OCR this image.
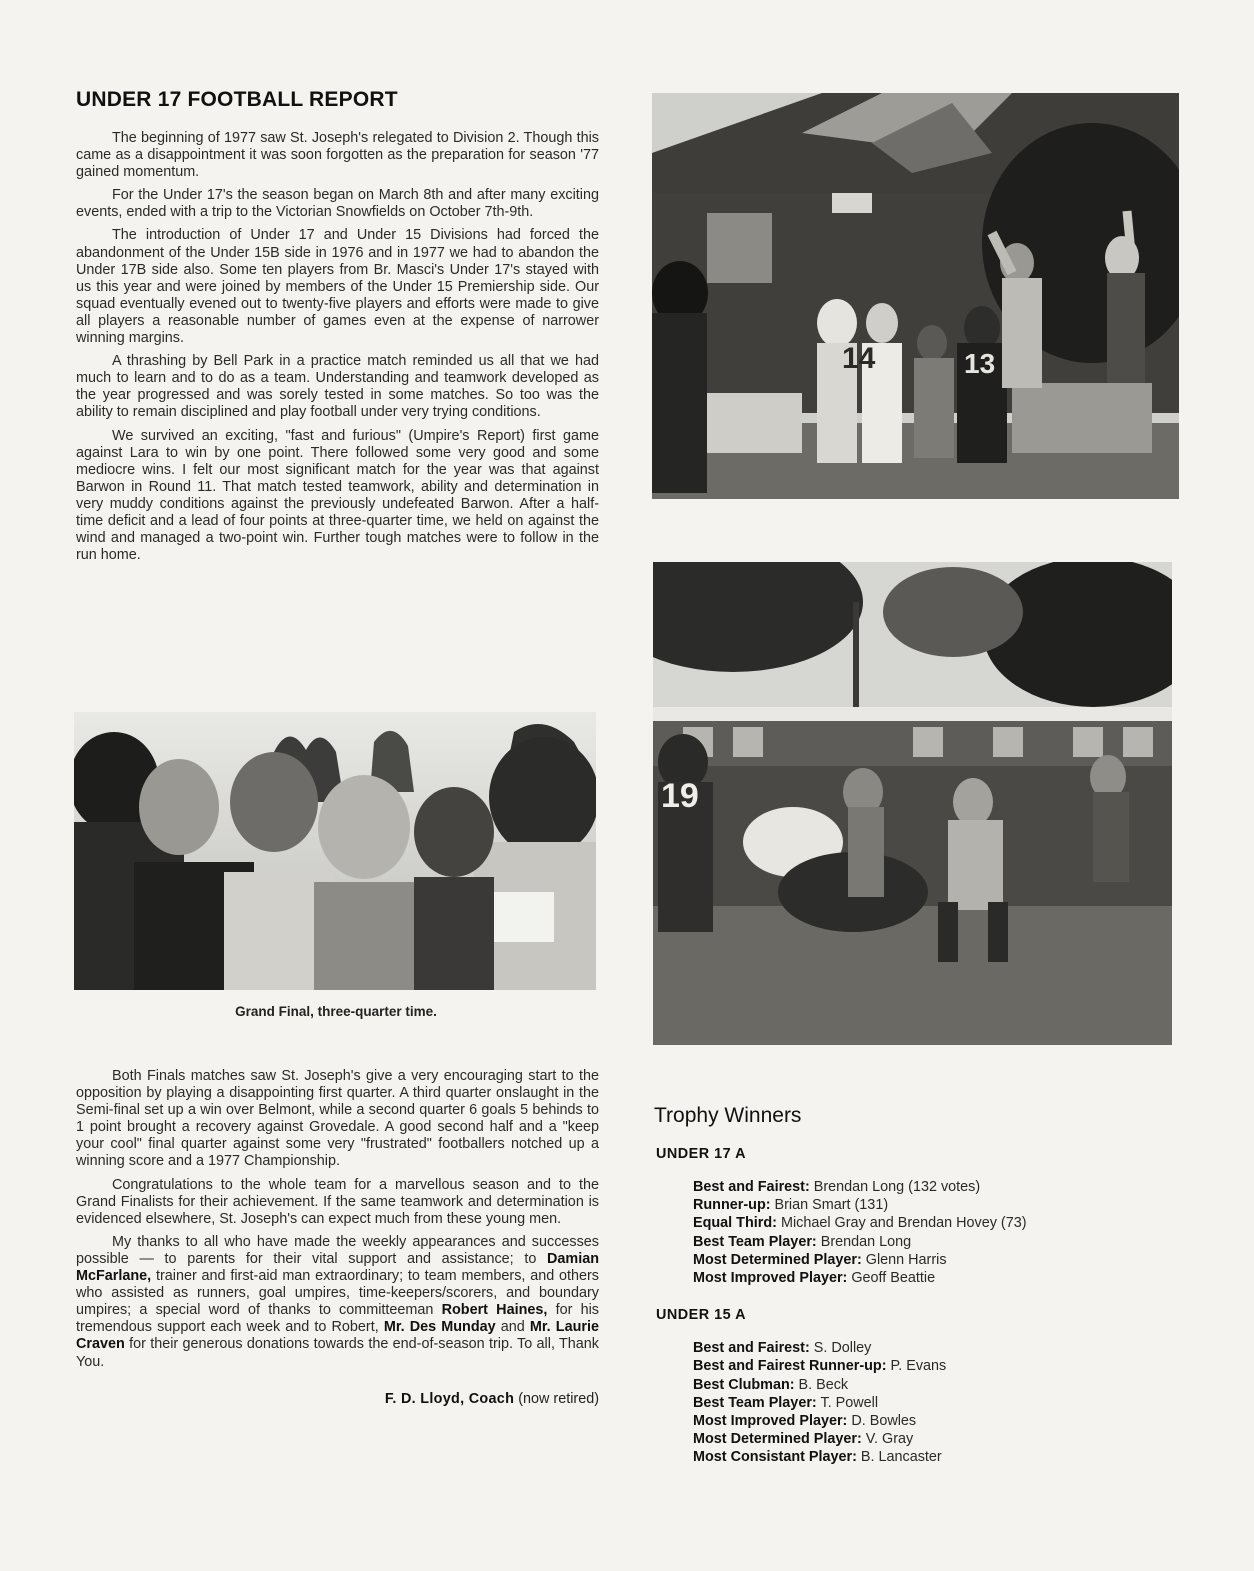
UNDER 17 FOOTBALL REPORT

The beginning of 1977 saw St. Joseph's relegated to Division 2. Though this came as a disappointment it was soon forgotten as the preparation for season '77 gained momentum.

For the Under 17's the season began on March 8th and after many exciting events, ended with a trip to the Victorian Snowfields on October 7th-9th.

The introduction of Under 17 and Under 15 Divisions had forced the abandonment of the Under 15B side in 1976 and in 1977 we had to abandon the Under 17B side also. Some ten players from Br. Masci's Under 17's stayed with us this year and were joined by members of the Under 15 Premiership side. Our squad eventually evened out to twenty-five players and efforts were made to give all players a reasonable number of games even at the expense of narrower winning margins.

A thrashing by Bell Park in a practice match reminded us all that we had much to learn and to do as a team. Understanding and teamwork developed as the year progressed and was sorely tested in some matches. So too was the ability to remain disciplined and play football under very trying conditions.

We survived an exciting, "fast and furious" (Umpire's Report) first game against Lara to win by one point. There followed some very good and some mediocre wins. I felt our most significant match for the year was that against Barwon in Round 11. That match tested teamwork, ability and determination in very muddy conditions against the previously undefeated Barwon. After a half-time deficit and a lead of four points at three-quarter time, we held on against the wind and managed a two-point win. Further tough matches were to follow in the run home.

Grand Final, three-quarter time.

Both Finals matches saw St. Joseph's give a very encouraging start to the opposition by playing a disappointing first quarter. A third quarter onslaught in the Semi-final set up a win over Belmont, while a second quarter 6 goals 5 behinds to 1 point brought a recovery against Grovedale. A good second half and a "keep your cool" final quarter against some very "frustrated" footballers notched up a winning score and a 1977 Championship.

Congratulations to the whole team for a marvellous season and to the Grand Finalists for their achievement. If the same teamwork and determination is evidenced elsewhere, St. Joseph's can expect much from these young men.

My thanks to all who have made the weekly appearances and successes possible — to parents for their vital support and assistance; to Damian McFarlane, trainer and first-aid man extraordinary; to team members, and others who assisted as runners, goal umpires, time-keepers/scorers, and boundary umpires; a special word of thanks to committeeman Robert Haines, for his tremendous support each week and to Robert, Mr. Des Munday and Mr. Laurie Craven for their generous donations towards the end-of-season trip. To all, Thank You.

F. D. Lloyd, Coach (now retired)
14	13
19
Trophy Winners
UNDER 17 A
Best and Fairest: Brendan Long (132 votes)
Runner-up: Brian Smart (131)
Equal Third: Michael Gray and Brendan Hovey (73)
Best Team Player: Brendan Long
Most Determined Player: Glenn Harris
Most Improved Player: Geoff Beattie
UNDER 15 A
Best and Fairest: S. Dolley
Best and Fairest Runner-up: P. Evans
Best Clubman: B. Beck
Best Team Player: T. Powell
Most Improved Player: D. Bowles
Most Determined Player: V. Gray
Most Consistant Player: B. Lancaster
